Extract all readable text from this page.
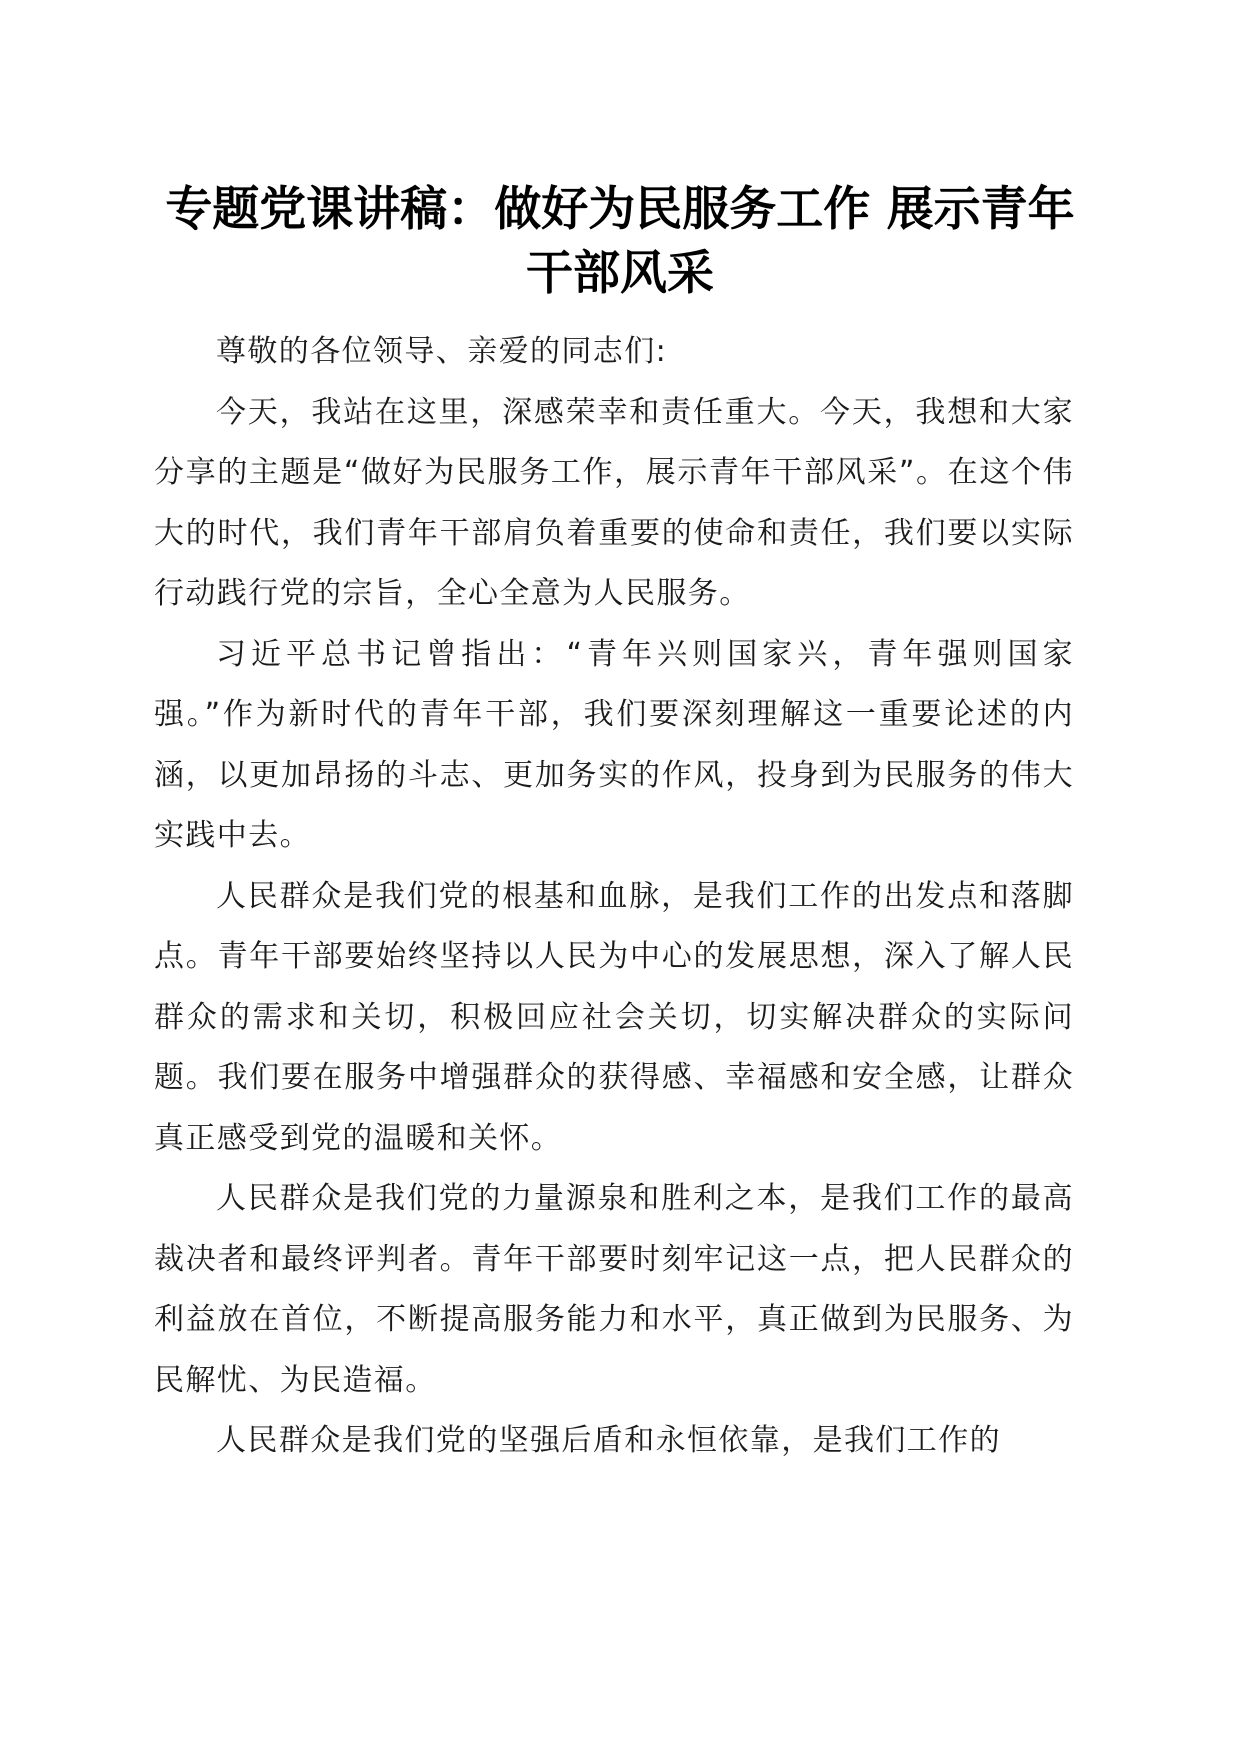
专题党课讲稿：做好为民服务工作 展示青年
干部风采

尊敬的各位领导、亲爱的同志们:

今天，我站在这里，深感荣幸和责任重大。今天，我想和大家分享的主题是“做好为民服务工作，展示青年干部风采”。在这个伟大的时代，我们青年干部肩负着重要的使命和责任，我们要以实际行动践行党的宗旨，全心全意为人民服务。

习近平总书记曾指出：“青年兴则国家兴，青年强则国家强。”作为新时代的青年干部，我们要深刻理解这一重要论述的内涵，以更加昂扬的斗志、更加务实的作风，投身到为民服务的伟大实践中去。

人民群众是我们党的根基和血脉，是我们工作的出发点和落脚点。青年干部要始终坚持以人民为中心的发展思想，深入了解人民群众的需求和关切，积极回应社会关切，切实解决群众的实际问题。我们要在服务中增强群众的获得感、幸福感和安全感，让群众真正感受到党的温暖和关怀。

人民群众是我们党的力量源泉和胜利之本，是我们工作的最高裁决者和最终评判者。青年干部要时刻牢记这一点，把人民群众的利益放在首位，不断提高服务能力和水平，真正做到为民服务、为民解忧、为民造福。

人民群众是我们党的坚强后盾和永恒依靠，是我们工作的
